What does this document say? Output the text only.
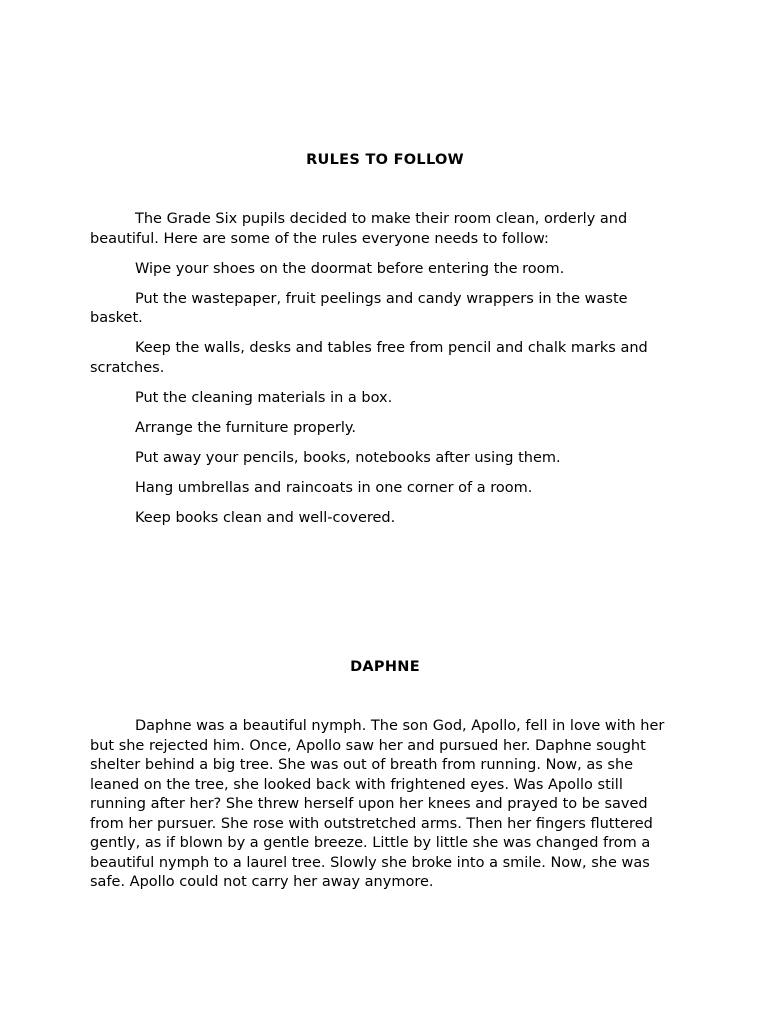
RULES TO FOLLOW

The Grade Six pupils decided to make their room clean, orderly and beautiful. Here are some of the rules everyone needs to follow:

Wipe your shoes on the doormat before entering the room.

Put the wastepaper, fruit peelings and candy wrappers in the waste basket.

Keep the walls, desks and tables free from pencil and chalk marks and scratches.

Put the cleaning materials in a box.

Arrange the furniture properly.

Put away your pencils, books, notebooks after using them.

Hang umbrellas and raincoats in one corner of a room.

Keep books clean and well-covered.

DAPHNE

Daphne was a beautiful nymph. The son God, Apollo, fell in love with her but she rejected him. Once, Apollo saw her and pursued her. Daphne sought shelter behind a big tree. She was out of breath from running. Now, as she leaned on the tree, she looked back with frightened eyes. Was Apollo still running after her? She threw herself upon her knees and prayed to be saved from her pursuer. She rose with outstretched arms. Then her fingers fluttered gently, as if blown by a gentle breeze. Little by little she was changed from a beautiful nymph to a laurel tree. Slowly she broke into a smile. Now, she was safe. Apollo could not carry her away anymore.
